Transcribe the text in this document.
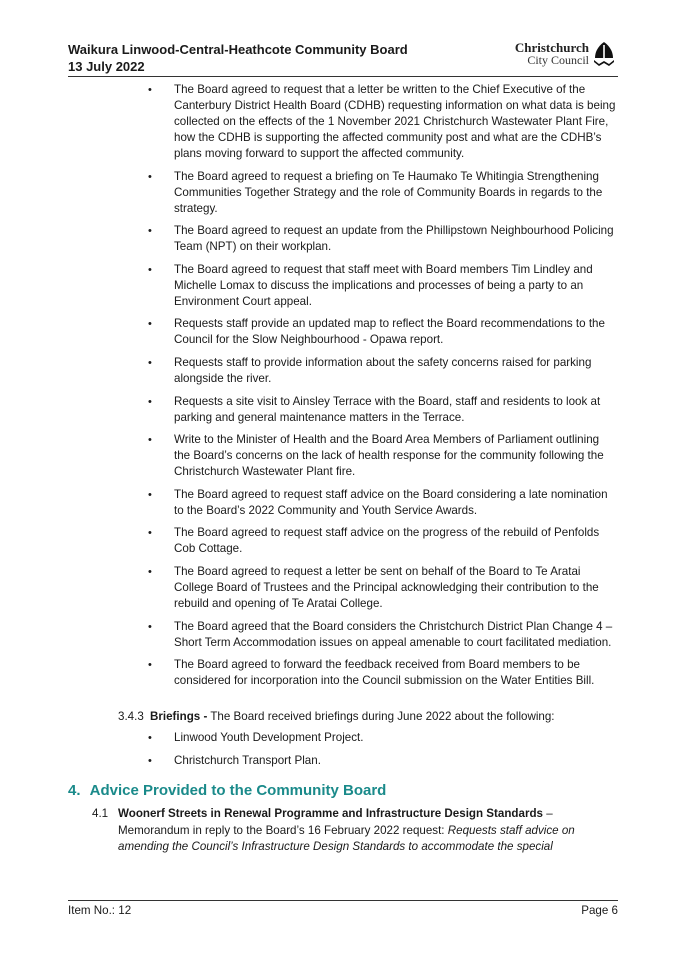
Waikura Linwood-Central-Heathcote Community Board
13 July 2022
Christchurch
City Council
• The Board agreed to request that a letter be written to the Chief Executive of the Canterbury District Health Board (CDHB) requesting information on what data is being collected on the effects of the 1 November 2021 Christchurch Wastewater Plant Fire, how the CDHB is supporting the affected community post and what are the CDHB’s plans moving forward to support the affected community.
• The Board agreed to request a briefing on Te Haumako Te Whitingia Strengthening Communities Together Strategy and the role of Community Boards in regards to the strategy.
• The Board agreed to request an update from the Phillipstown Neighbourhood Policing Team (NPT) on their workplan.
• The Board agreed to request that staff meet with Board members Tim Lindley and Michelle Lomax to discuss the implications and processes of being a party to an Environment Court appeal.
• Requests staff provide an updated map to reflect the Board recommendations to the Council for the Slow Neighbourhood - Opawa report.
• Requests staff to provide information about the safety concerns raised for parking alongside the river.
• Requests a site visit to Ainsley Terrace with the Board, staff and residents to look at parking and general maintenance matters in the Terrace.
• Write to the Minister of Health and the Board Area Members of Parliament outlining the Board’s concerns on the lack of health response for the community following the Christchurch Wastewater Plant fire.
• The Board agreed to request staff advice on the Board considering a late nomination to the Board’s 2022 Community and Youth Service Awards.
• The Board agreed to request staff advice on the progress of the rebuild of Penfolds Cob Cottage.
• The Board agreed to request a letter be sent on behalf of the Board to Te Aratai College Board of Trustees and the Principal acknowledging their contribution to the rebuild and opening of Te Aratai College.
• The Board agreed that the Board considers the Christchurch District Plan Change 4 – Short Term Accommodation issues on appeal amenable to court facilitated mediation.
• The Board agreed to forward the feedback received from Board members to be considered for incorporation into the Council submission on the Water Entities Bill.
3.4.3 Briefings - The Board received briefings during June 2022 about the following:
• Linwood Youth Development Project.
• Christchurch Transport Plan.
4. Advice Provided to the Community Board
4.1 Woonerf Streets in Renewal Programme and Infrastructure Design Standards – Memorandum in reply to the Board’s 16 February 2022 request: Requests staff advice on amending the Council’s Infrastructure Design Standards to accommodate the special
Item No.: 12	Page 6
